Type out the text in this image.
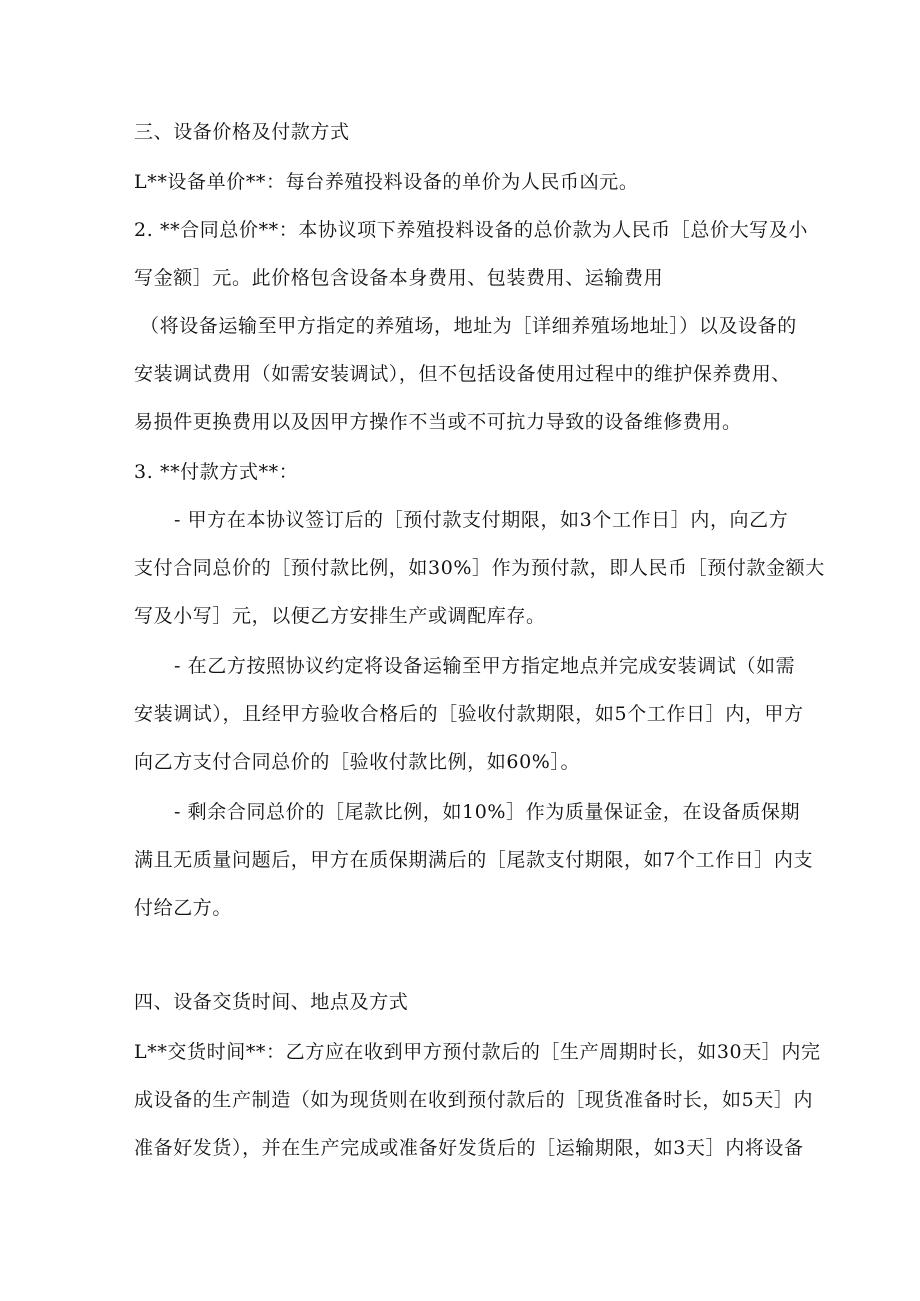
三、设备价格及付款方式
L**设备单价**：每台养殖投料设备的单价为人民币凶元。
2. **合同总价**：本协议项下养殖投料设备的总价款为人民币［总价大写及小
写金额］元。此价格包含设备本身费用、包装费用、运输费用
（将设备运输至甲方指定的养殖场，地址为［详细养殖场地址］）以及设备的
安装调试费用（如需安装调试），但不包括设备使用过程中的维护保养费用、
易损件更换费用以及因甲方操作不当或不可抗力导致的设备维修费用。
3. **付款方式**：
- 甲方在本协议签订后的［预付款支付期限，如3个工作日］内，向乙方
支付合同总价的［预付款比例，如30%］作为预付款，即人民币［预付款金额大
写及小写］元，以便乙方安排生产或调配库存。
- 在乙方按照协议约定将设备运输至甲方指定地点并完成安装调试（如需
安装调试），且经甲方验收合格后的［验收付款期限，如5个工作日］内，甲方
向乙方支付合同总价的［验收付款比例，如60%］。
- 剩余合同总价的［尾款比例，如10%］作为质量保证金，在设备质保期
满且无质量问题后，甲方在质保期满后的［尾款支付期限，如7个工作日］内支
付给乙方。
四、设备交货时间、地点及方式
L**交货时间**：乙方应在收到甲方预付款后的［生产周期时长，如30天］内完
成设备的生产制造（如为现货则在收到预付款后的［现货准备时长，如5天］内
准备好发货），并在生产完成或准备好发货后的［运输期限，如3天］内将设备
